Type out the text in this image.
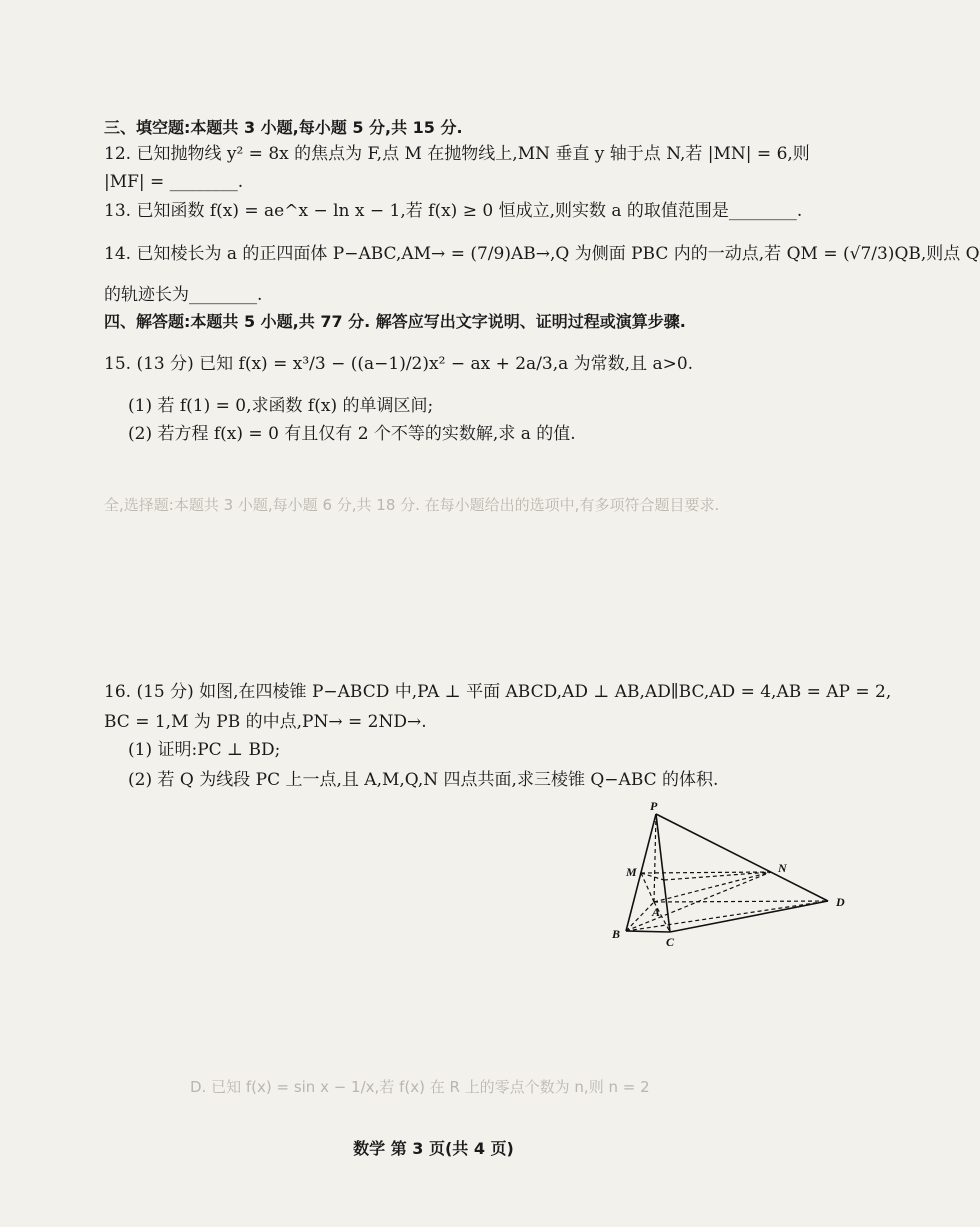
全,选择题:本题共 3 小题,每小题 6 分,共 18 分. 在每小题给出的选项中,有多项符合题目要求.
D. 已知 f(x) = sin x − 1/x,若 f(x) 在 R 上的零点个数为 n,则 n = 2
三、填空题:本题共 3 小题,每小题 5 分,共 15 分.
12. 已知抛物线 y² = 8x 的焦点为 F,点 M 在抛物线上,MN 垂直 y 轴于点 N,若 |MN| = 6,则
|MF| = ________.
13. 已知函数 f(x) = ae^x − ln x − 1,若 f(x) ≥ 0 恒成立,则实数 a 的取值范围是________.
14. 已知棱长为 a 的正四面体 P−ABC,AM→ = (7/9)AB→,Q 为侧面 PBC 内的一动点,若 QM = (√7/3)QB,则点 Q
的轨迹长为________.
四、解答题:本题共 5 小题,共 77 分. 解答应写出文字说明、证明过程或演算步骤.
15. (13 分) 已知 f(x) = x³/3 − ((a−1)/2)x² − ax + 2a/3,a 为常数,且 a>0.
(1) 若 f(1) = 0,求函数 f(x) 的单调区间;
(2) 若方程 f(x) = 0 有且仅有 2 个不等的实数解,求 a 的值.
16. (15 分) 如图,在四棱锥 P−ABCD 中,PA ⊥ 平面 ABCD,AD ⊥ AB,AD∥BC,AD = 4,AB = AP = 2,
BC = 1,M 为 PB 的中点,PN→ = 2ND→.
(1) 证明:PC ⊥ BD;
(2) 若 Q 为线段 PC 上一点,且 A,M,Q,N 四点共面,求三棱锥 Q−ABC 的体积.
P
M	N
A
B
C
D
数学 第 3 页(共 4 页)
